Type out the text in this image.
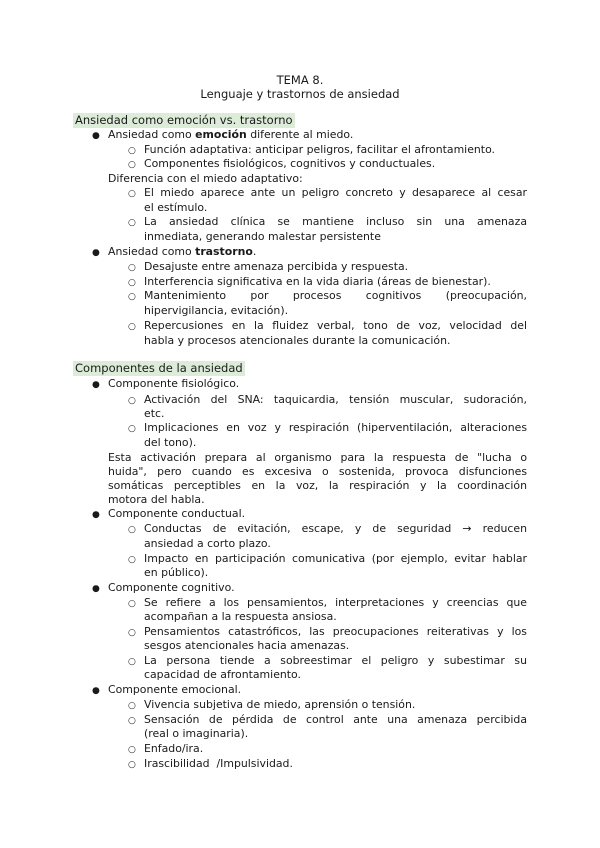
TEMA 8.
Lenguaje y trastornos de ansiedad
Ansiedad como emoción vs. trastorno
● Ansiedad como emoción diferente al miedo.
○ Función adaptativa: anticipar peligros, facilitar el afrontamiento.
○ Componentes fisiológicos, cognitivos y conductuales.
Diferencia con el miedo adaptativo:
○ El miedo aparece ante un peligro concreto y desaparece al cesar
el estímulo.
○ La ansiedad clínica se mantiene incluso sin una amenaza
inmediata, generando malestar persistente
● Ansiedad como trastorno.
○ Desajuste entre amenaza percibida y respuesta.
○ Interferencia significativa en la vida diaria (áreas de bienestar).
○ Mantenimiento por procesos cognitivos (preocupación,
hipervigilancia, evitación).
○ Repercusiones en la fluidez verbal, tono de voz, velocidad del
habla y procesos atencionales durante la comunicación.
Componentes de la ansiedad
● Componente fisiológico.
○ Activación del SNA: taquicardia, tensión muscular, sudoración,
etc.
○ Implicaciones en voz y respiración (hiperventilación, alteraciones
del tono).
Esta activación prepara al organismo para la respuesta de "lucha o
huida", pero cuando es excesiva o sostenida, provoca disfunciones
somáticas perceptibles en la voz, la respiración y la coordinación
motora del habla.
● Componente conductual.
○ Conductas de evitación, escape, y de seguridad → reducen
ansiedad a corto plazo.
○ Impacto en participación comunicativa (por ejemplo, evitar hablar
en público).
● Componente cognitivo.
○ Se refiere a los pensamientos, interpretaciones y creencias que
acompañan a la respuesta ansiosa.
○ Pensamientos catastróficos, las preocupaciones reiterativas y los
sesgos atencionales hacia amenazas.
○ La persona tiende a sobreestimar el peligro y subestimar su
capacidad de afrontamiento.
● Componente emocional.
○ Vivencia subjetiva de miedo, aprensión o tensión.
○ Sensación de pérdida de control ante una amenaza percibida
(real o imaginaria).
○ Enfado/ira.
○ Irascibilidad  /Impulsividad.
